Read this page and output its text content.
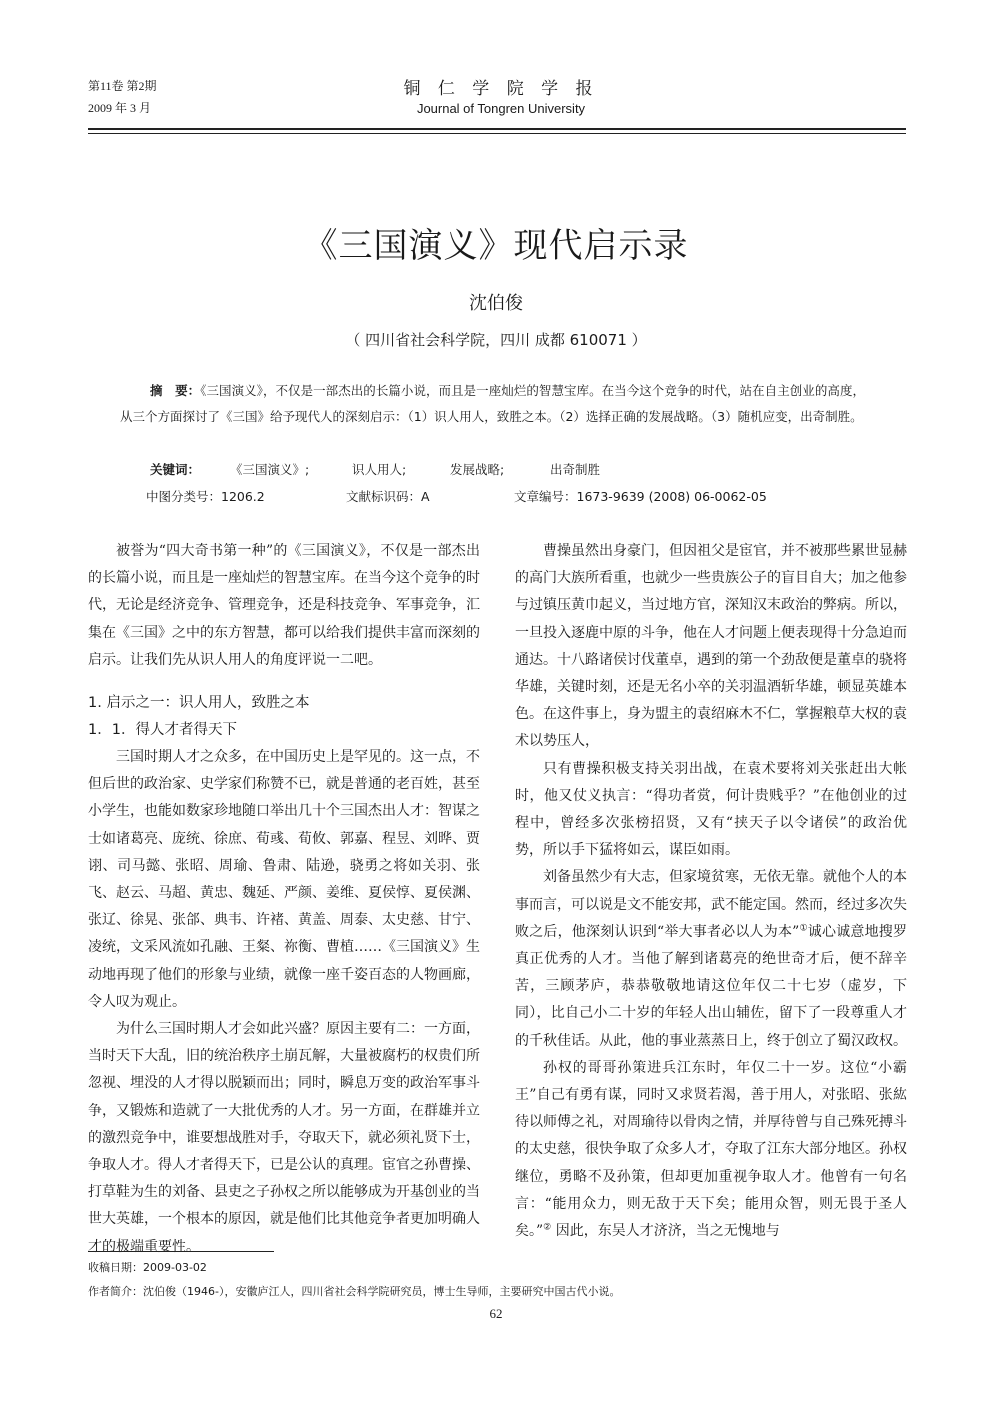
第11卷 第2期
2009 年 3 月
铜 仁 学 院 学 报
Journal of Tongren University
《三国演义》现代启示录
沈伯俊
（ 四川省社会科学院，四川 成都 610071 ）
摘　要：《三国演义》，不仅是一部杰出的长篇小说，而且是一座灿烂的智慧宝库。在当今这个竞争的时代，站在自主创业的高度，从三个方面探讨了《三国》给予现代人的深刻启示：（1）识人用人，致胜之本。（2）选择正确的发展战略。（3）随机应变，出奇制胜。
关键词： 《三国演义》;	识人用人;	发展战略;	出奇制胜
中图分类号：1206.2	文献标识码：A	文章编号：1673-9639 (2008) 06-0062-05

被誉为“四大奇书第一种”的《三国演义》，不仅是一部杰出的长篇小说，而且是一座灿烂的智慧宝库。在当今这个竞争的时代，无论是经济竞争、管理竞争，还是科技竞争、军事竞争，汇集在《三国》之中的东方智慧，都可以给我们提供丰富而深刻的启示。让我们先从识人用人的角度评说一二吧。

1. 启示之一：识人用人，致胜之本
1．1．得人才者得天下

三国时期人才之众多，在中国历史上是罕见的。这一点，不但后世的政治家、史学家们称赞不已，就是普通的老百姓，甚至小学生，也能如数家珍地随口举出几十个三国杰出人才：智谋之士如诸葛亮、庞统、徐庶、荀彧、荀攸、郭嘉、程昱、刘晔、贾诩、司马懿、张昭、周瑜、鲁肃、陆逊，骁勇之将如关羽、张飞、赵云、马超、黄忠、魏延、严颜、姜维、夏侯惇、夏侯渊、张辽、徐晃、张郃、典韦、许褚、黄盖、周泰、太史慈、甘宁、凌统，文采风流如孔融、王粲、祢衡、曹植……《三国演义》生动地再现了他们的形象与业绩，就像一座千姿百态的人物画廊，令人叹为观止。

为什么三国时期人才会如此兴盛？原因主要有二：一方面，当时天下大乱，旧的统治秩序土崩瓦解，大量被腐朽的权贵们所忽视、埋没的人才得以脱颖而出；同时，瞬息万变的政治军事斗争，又锻炼和造就了一大批优秀的人才。另一方面，在群雄并立的激烈竞争中，谁要想战胜对手，夺取天下，就必须礼贤下士，争取人才。得人才者得天下，已是公认的真理。宦官之孙曹操、打草鞋为生的刘备、县吏之子孙权之所以能够成为开基创业的当世大英雄，一个根本的原因，就是他们比其他竞争者更加明确人才的极端重要性。

曹操虽然出身豪门，但因祖父是宦官，并不被那些累世显赫的高门大族所看重，也就少一些贵族公子的盲目自大；加之他参与过镇压黄巾起义，当过地方官，深知汉末政治的弊病。所以，一旦投入逐鹿中原的斗争，他在人才问题上便表现得十分急迫而通达。十八路诸侯讨伐董卓，遇到的第一个劲敌便是董卓的骁将华雄，关键时刻，还是无名小卒的关羽温酒斩华雄，顿显英雄本色。在这件事上，身为盟主的袁绍麻木不仁，掌握粮草大权的袁术以势压人，

只有曹操积极支持关羽出战，在袁术要将刘关张赶出大帐时，他又仗义执言：“得功者赏，何计贵贱乎？”在他创业的过程中，曾经多次张榜招贤，又有“挟天子以令诸侯”的政治优势，所以手下猛将如云，谋臣如雨。

刘备虽然少有大志，但家境贫寒，无依无靠。就他个人的本事而言，可以说是文不能安邦，武不能定国。然而，经过多次失败之后，他深刻认识到“举大事者必以人为本”①诚心诚意地搜罗真正优秀的人才。当他了解到诸葛亮的绝世奇才后，便不辞辛苦，三顾茅庐，恭恭敬敬地请这位年仅二十七岁（虚岁，下同），比自己小二十岁的年轻人出山辅佐，留下了一段尊重人才的千秋佳话。从此，他的事业蒸蒸日上，终于创立了蜀汉政权。

孙权的哥哥孙策进兵江东时，年仅二十一岁。这位“小霸王”自己有勇有谋，同时又求贤若渴，善于用人，对张昭、张紘待以师傅之礼，对周瑜待以骨肉之情，并厚待曾与自己殊死搏斗的太史慈，很快争取了众多人才，夺取了江东大部分地区。孙权继位，勇略不及孙策，但却更加重视争取人才。他曾有一句名言：“能用众力，则无敌于天下矣；能用众智，则无畏于圣人矣。”② 因此，东吴人才济济，当之无愧地与

收稿日期：2009-03-02
作者简介：沈伯俊（1946-），安徽庐江人，四川省社会科学院研究员，博士生导师，主要研究中国古代小说。
62
